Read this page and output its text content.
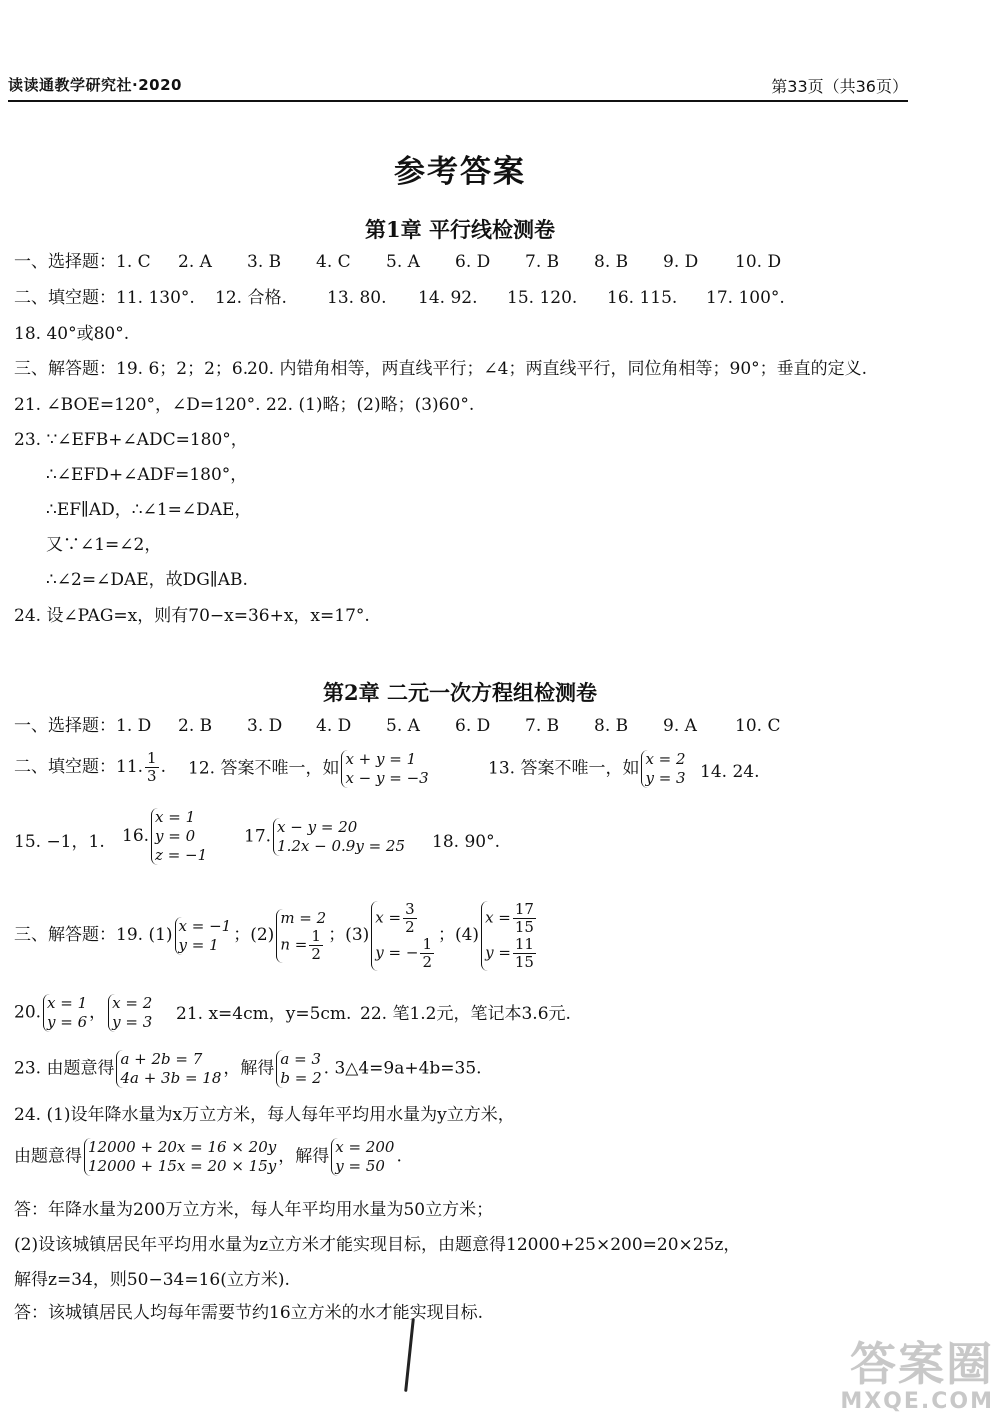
读读通教学研究社·2020	第33页（共36页）
参考答案
第1章 平行线检测卷
一、选择题：1. C 2. A 3. B 4. C 5. A 6. D 7. B 8. B 9. D 10. D
二、填空题：11. 130°. 12. 合格. 13. 80. 14. 92. 15. 120. 16. 115. 17. 100°.
18. 40°或80°.
三、解答题：19. 6；2；2；6.
20. 内错角相等，两直线平行；∠4；两直线平行，同位角相等；90°；垂直的定义.
21. ∠BOE=120°，∠D=120°. 22. (1)略；(2)略；(3)60°.
23. ∵∠EFB+∠ADC=180°，
∴∠EFD+∠ADF=180°，
∴EF∥AD，∴∠1=∠DAE，
又∵∠1=∠2，
∴∠2=∠DAE，故DG∥AB.
24. 设∠PAG=x，则有70−x=36+x，x=17°.
第2章 二元一次方程组检测卷
一、选择题：1. D 2. B 3. D 4. D 5. A 6. D 7. B 8. B 9. A 10. C
二、填空题：11. $\frac{1}{3}$ . 12. 答案不唯一，如 x + y = 1
x − y = −3	13. 答案不唯一，如 x = 2
y = 3 14. 24.
15. −1，1. 16.
x = 1
y = 0
z = −1
17. x − y = 20
1.2x − 0.9y = 25 18. 90°.
三、解答题：19. (1) x = −1
y = 1 ；(2)
m = 2
$n = \frac{1}{2}$ ；(3)
$x = \frac{3}{2}$
y = − $\frac{1}{2}$
；(4)
$x = \frac{17}{15}$
$y = \frac{11}{15}$
20. x = 1
y = 6 ， x = 2
y = 3 21. x=4cm，y=5cm. 22. 笔1.2元，笔记本3.6元.
23. 由题意得 a + 2b = 7
4a + 3b = 18 ，解得 a = 3
b = 2 . 3△4=9a+4b=35.
24. (1)设年降水量为x万立方米，每人每年平均用水量为y立方米，
由题意得 12000 + 20x = 16 × 20y
12000 + 15x = 20 × 15y ，解得 x = 200
y = 50 .
答：年降水量为200万立方米，每人年平均用水量为50立方米；
(2)设该城镇居民年平均用水量为z立方米才能实现目标，由题意得12000+25×200=20×25z，
解得z=34，则50−34=16(立方米).
答：该城镇居民人均每年需要节约16立方米的水才能实现目标.
答案圈
MXQE.COM
